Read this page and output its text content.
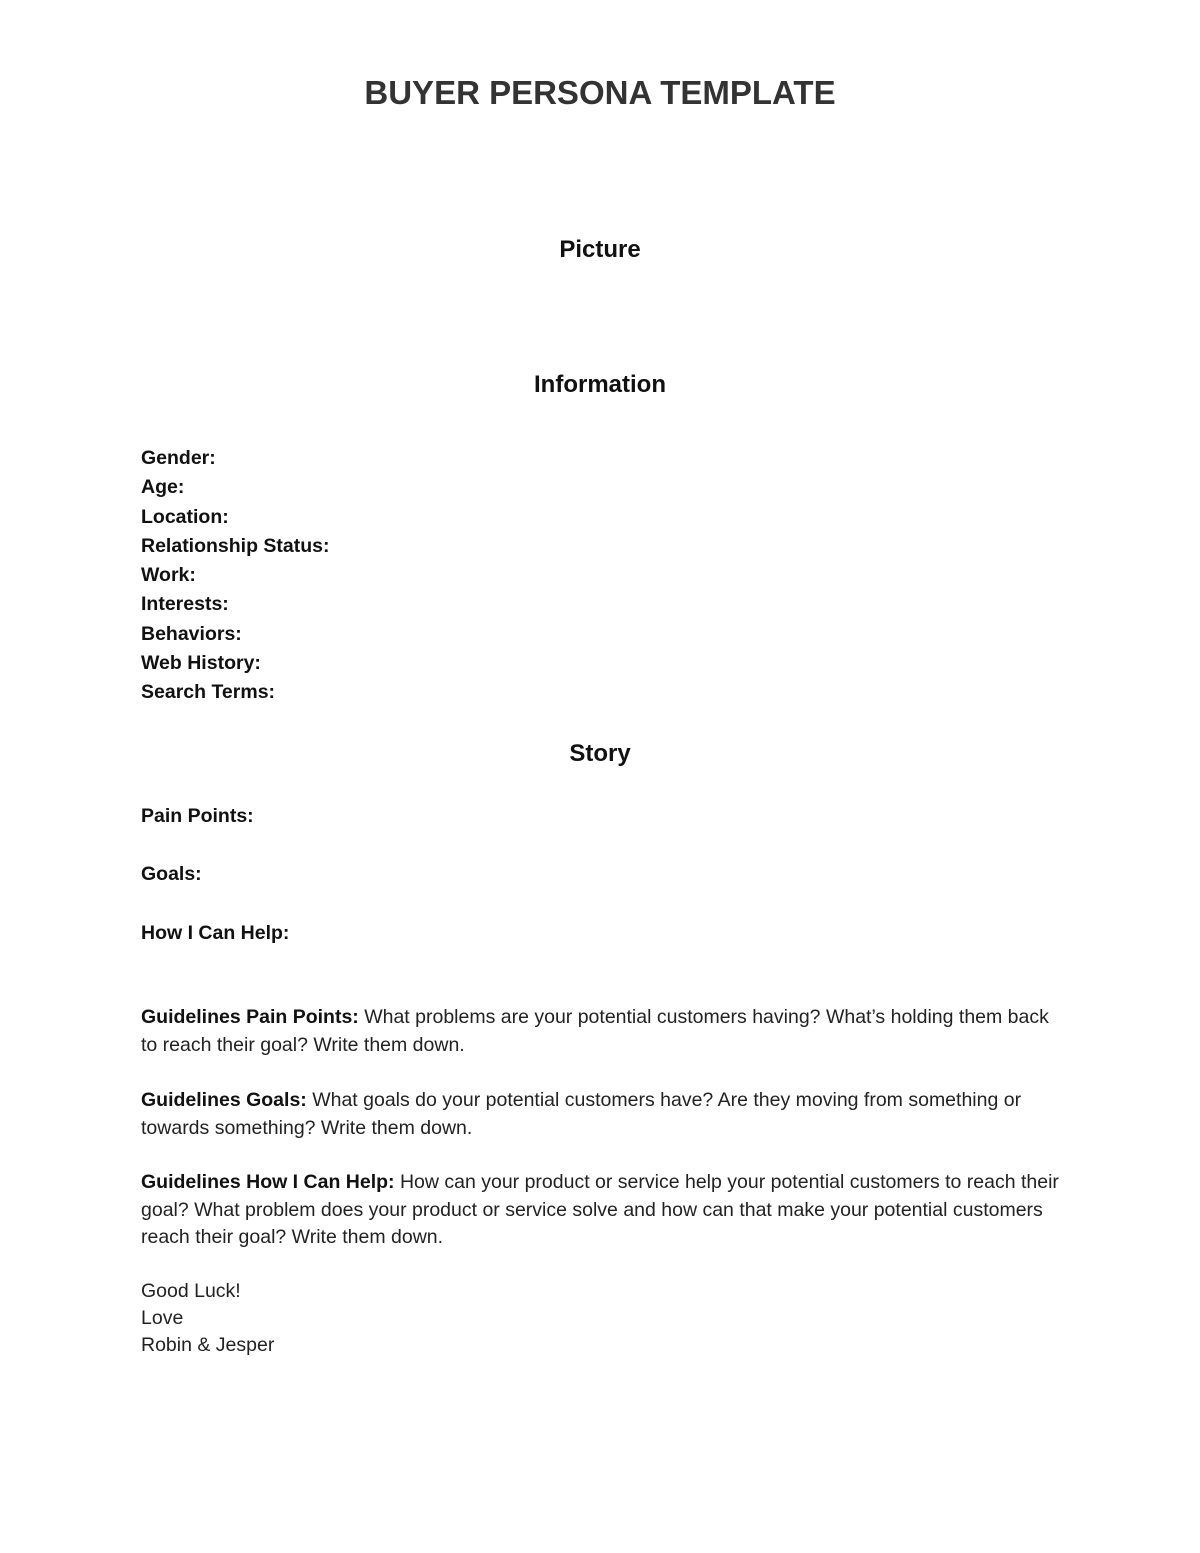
BUYER PERSONA TEMPLATE
Picture
Information
Gender:
Age:
Location:
Relationship Status:
Work:
Interests:
Behaviors:
Web History:
Search Terms:
Story

Pain Points:

Goals:

How I Can Help:

Guidelines Pain Points: What problems are your potential customers having? What’s holding them back to reach their goal? Write them down.

Guidelines Goals: What goals do your potential customers have? Are they moving from something or towards something? Write them down.

Guidelines How I Can Help: How can your product or service help your potential customers to reach their goal? What problem does your product or service solve and how can that make your potential customers reach their goal? Write them down.

Good Luck!
Love
Robin & Jesper
